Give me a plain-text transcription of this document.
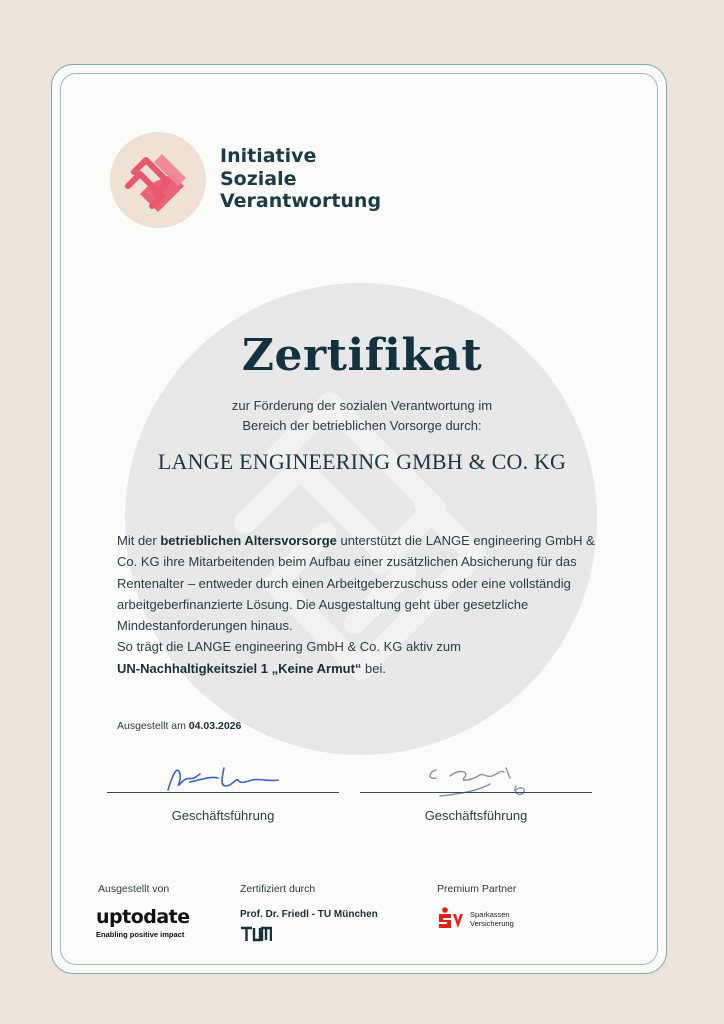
Initiative
Soziale
Verantwortung
Zertifikat
zur Förderung der sozialen Verantwortung im
Bereich der betrieblichen Vorsorge durch:
LANGE ENGINEERING GMBH & CO. KG
Mit der betrieblichen Altersvorsorge unterstützt die LANGE engineering GmbH & Co. KG ihre Mitarbeitenden beim Aufbau einer zusätzlichen Absicherung für das Rentenalter – entweder durch einen Arbeitgeberzuschuss oder eine vollständig arbeitgeberfinanzierte Lösung. Die Ausgestaltung geht über gesetzliche Mindestanforderungen hinaus.
So trägt die LANGE engineering GmbH & Co. KG aktiv zum
UN-Nachhaltigkeitsziel 1 „Keine Armut“ bei.
Ausgestellt am 04.03.2026
Geschäftsführung	Geschäftsführung
Ausgestellt von
uptodate
Enabling positive impact
Zertifiziert durch
Prof. Dr. Friedl - TU München
Premium Partner
Sparkassen
Versicherung
